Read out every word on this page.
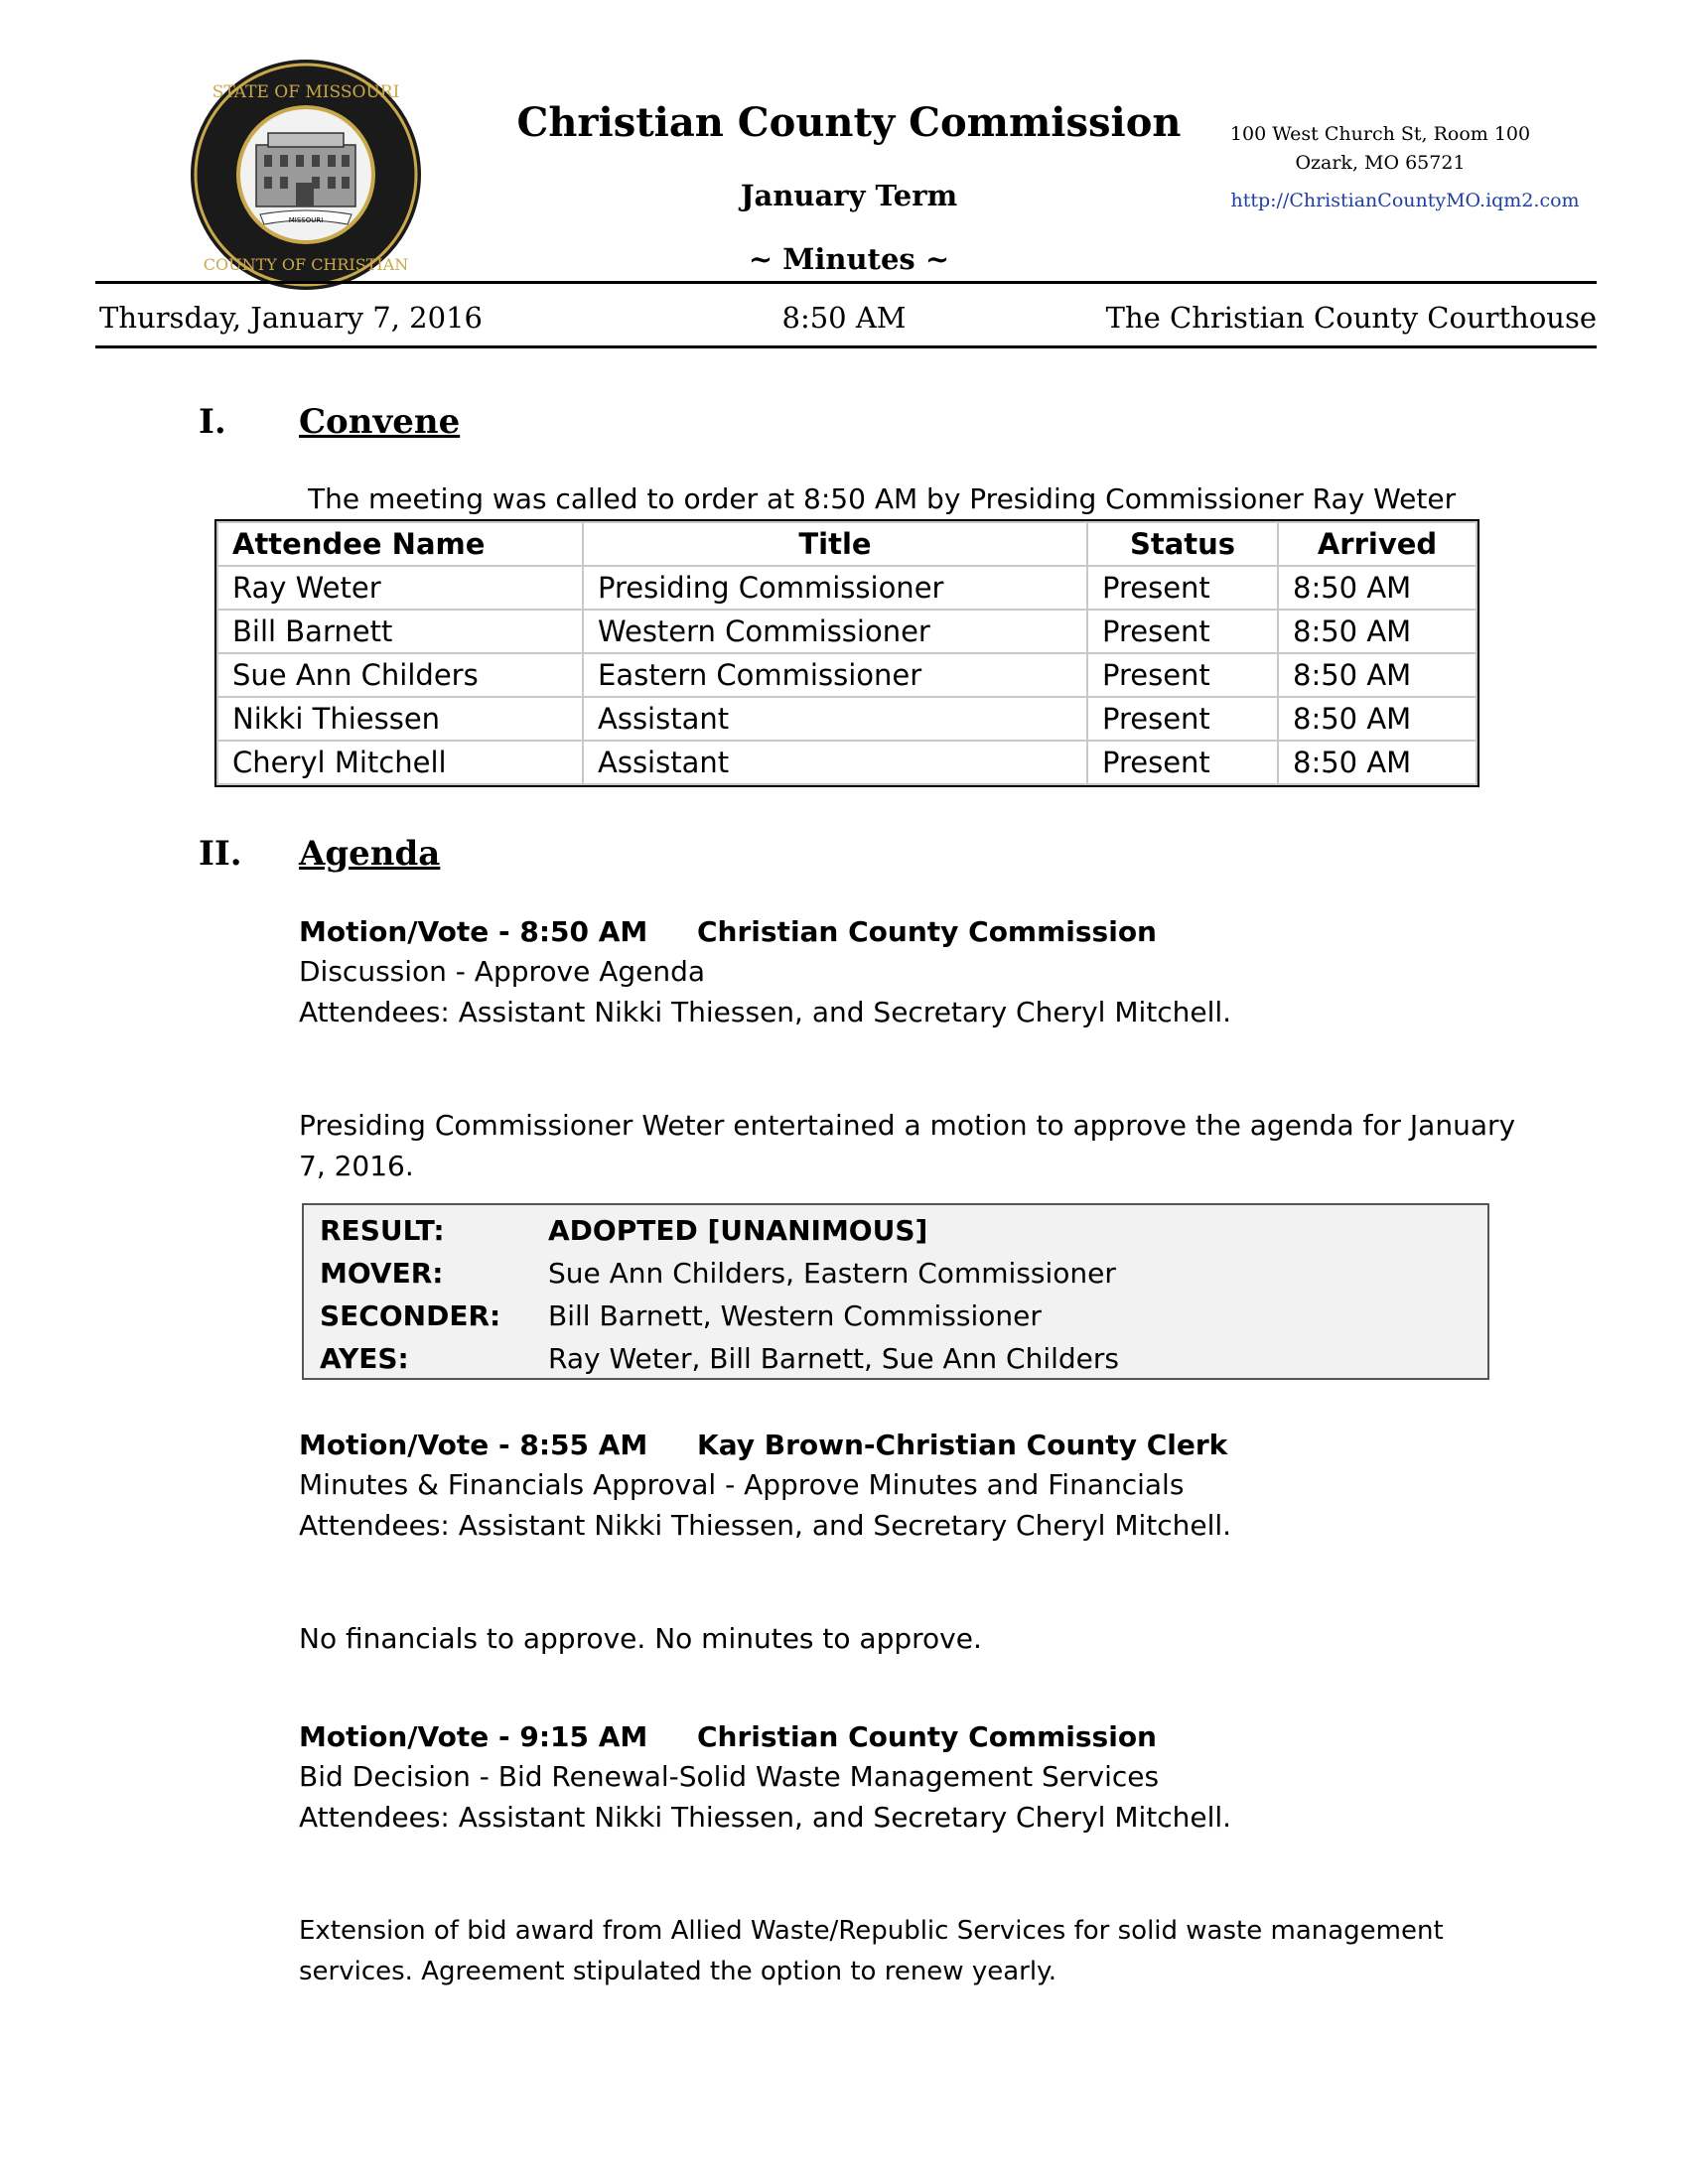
STATE OF MISSOURI
COUNTY OF CHRISTIAN
MISSOURI
Christian County Commission
January Term
~ Minutes ~
100 West Church St, Room 100
Ozark, MO 65721
http://ChristianCountyMO.iqm2.com
Thursday, January 7, 2016	8:50 AM	The Christian County Courthouse
I. Convene
The meeting was called to order at 8:50 AM by Presiding Commissioner Ray Weter
Attendee Name	Title	Status	Arrived
Ray Weter	Presiding Commissioner	Present	8:50 AM
Bill Barnett	Western Commissioner	Present	8:50 AM
Sue Ann Childers	Eastern Commissioner	Present	8:50 AM
Nikki Thiessen	Assistant	Present	8:50 AM
Cheryl Mitchell	Assistant	Present	8:50 AM
II. Agenda
Motion/Vote - 8:50 AM Christian County Commission
Discussion - Approve Agenda
Attendees: Assistant Nikki Thiessen, and Secretary Cheryl Mitchell.
Presiding Commissioner Weter entertained a motion to approve the agenda for January
7, 2016.
RESULT:	ADOPTED [UNANIMOUS]
MOVER:	Sue Ann Childers, Eastern Commissioner
SECONDER: Bill Barnett, Western Commissioner
AYES:	Ray Weter, Bill Barnett, Sue Ann Childers
Motion/Vote - 8:55 AM Kay Brown-Christian County Clerk
Minutes & Financials Approval - Approve Minutes and Financials
Attendees: Assistant Nikki Thiessen, and Secretary Cheryl Mitchell.
No financials to approve. No minutes to approve.
Motion/Vote - 9:15 AM Christian County Commission
Bid Decision - Bid Renewal-Solid Waste Management Services
Attendees: Assistant Nikki Thiessen, and Secretary Cheryl Mitchell.
Extension of bid award from Allied Waste/Republic Services for solid waste management
services. Agreement stipulated the option to renew yearly.
